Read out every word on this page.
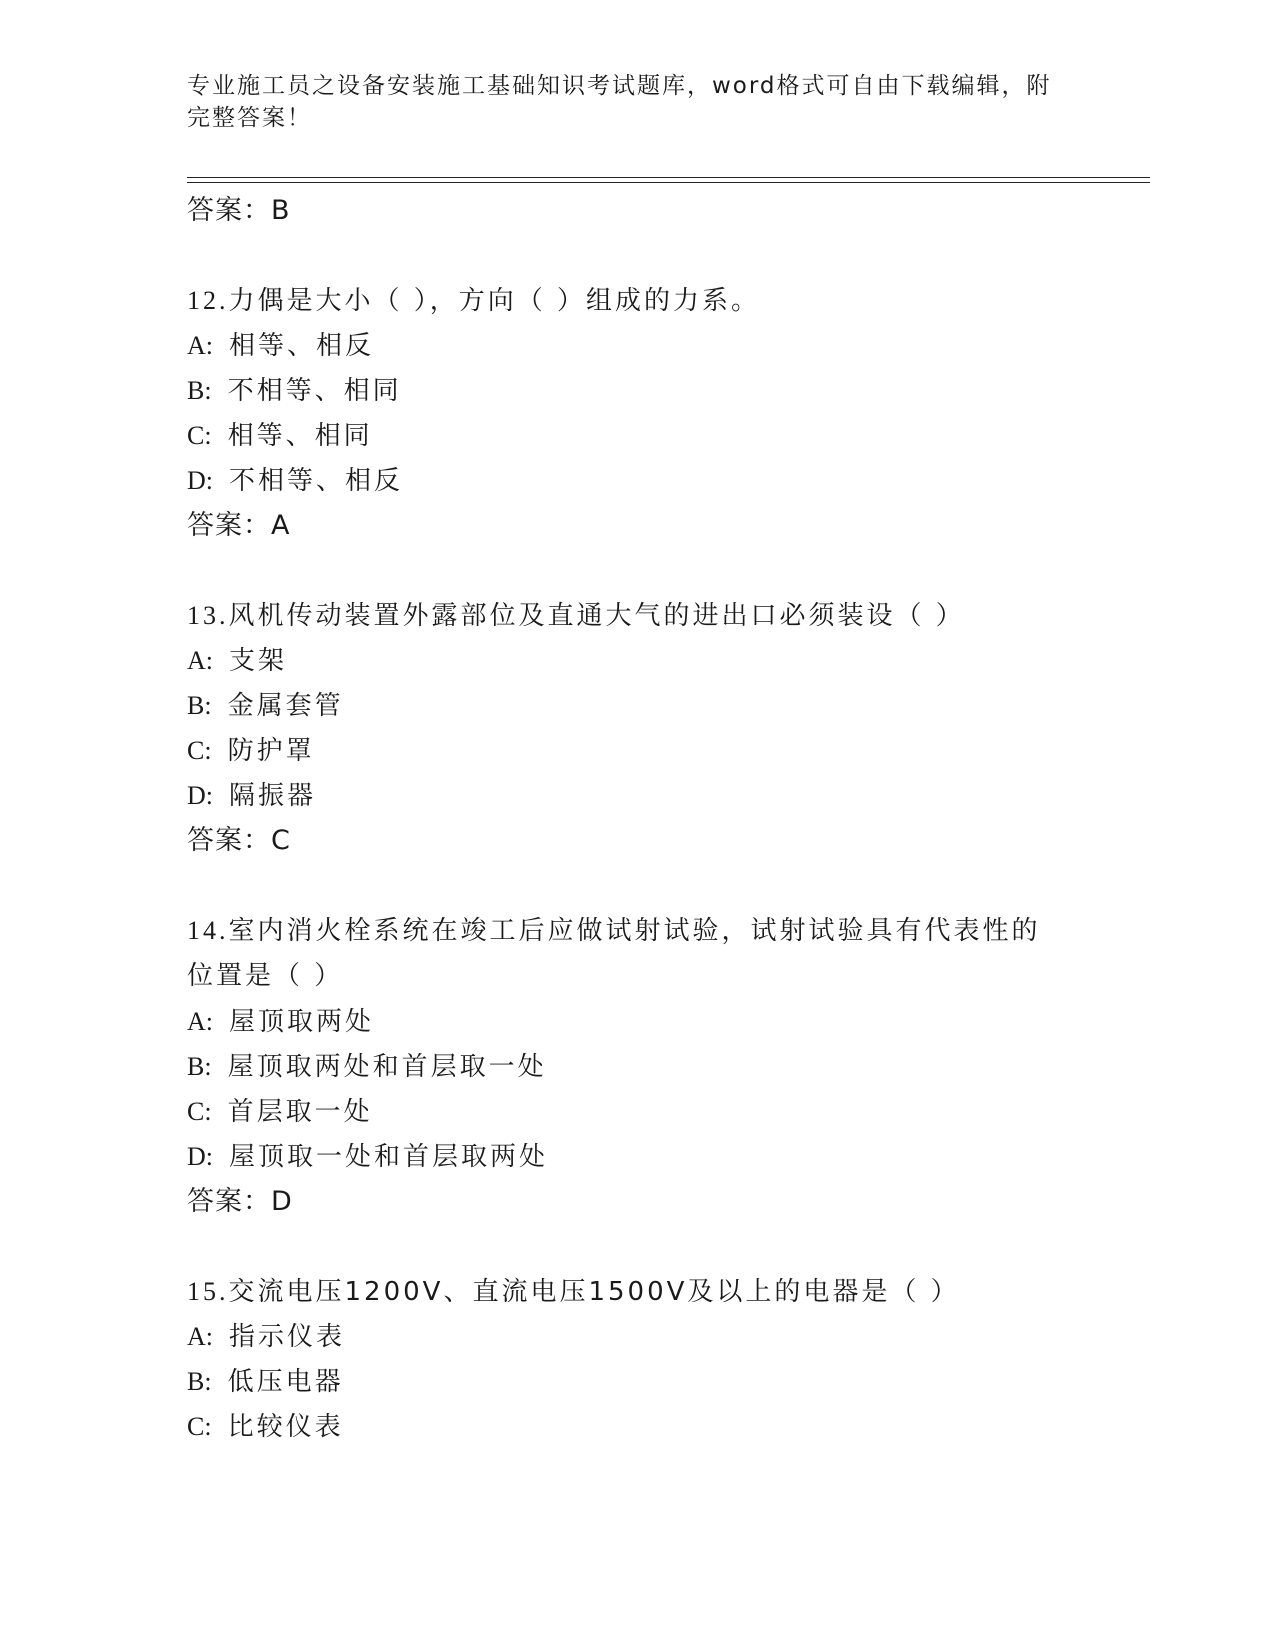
专业施工员之设备安装施工基础知识考试题库，word格式可自由下载编辑，附完整答案！
答案：B
12.力偶是大小（ ），方向（ ）组成的力系。
A: 相等、相反
B: 不相等、相同
C: 相等、相同
D: 不相等、相反
答案：A
13.风机传动装置外露部位及直通大气的进出口必须装设（ ）
A: 支架
B: 金属套管
C: 防护罩
D: 隔振器
答案：C
14.室内消火栓系统在竣工后应做试射试验，试射试验具有代表性的位置是（ ）
A: 屋顶取两处
B: 屋顶取两处和首层取一处
C: 首层取一处
D: 屋顶取一处和首层取两处
答案：D
15.交流电压1200V、直流电压1500V及以上的电器是（ ）
A: 指示仪表
B: 低压电器
C: 比较仪表
